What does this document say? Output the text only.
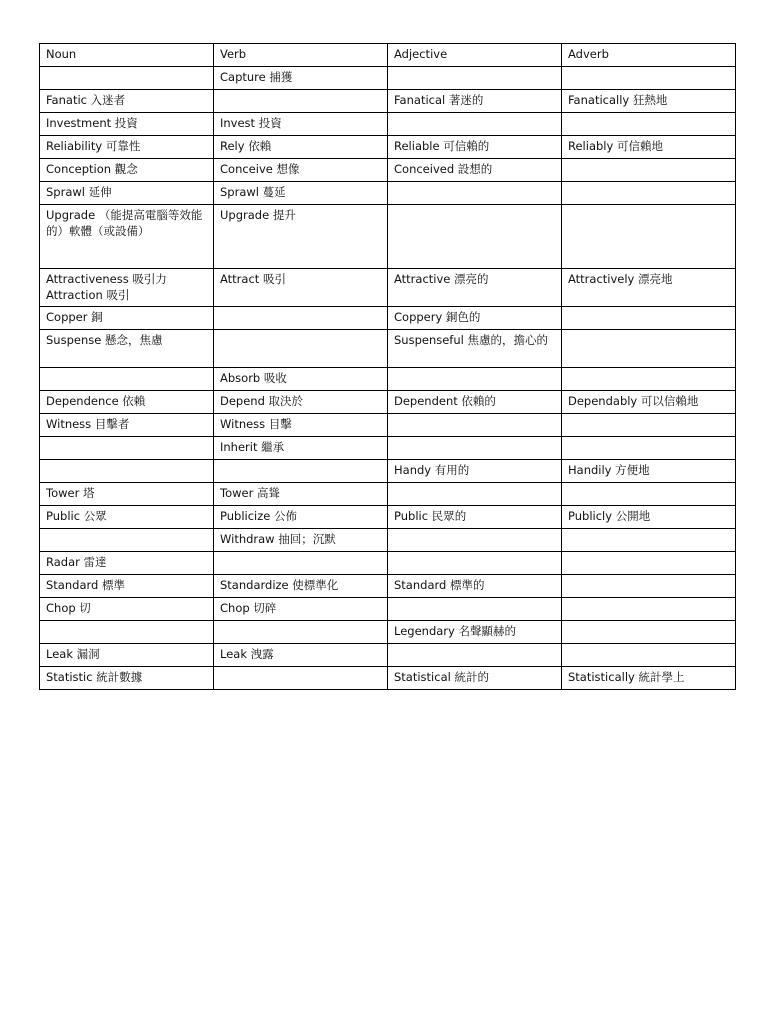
Noun	Verb	Adjective	Adverb

	Capture 捕獲		

Fanatic 入迷者		Fanatical 著迷的	Fanatically 狂熱地

Investment 投資	Invest 投資		

Reliability 可靠性	Rely 依賴	Reliable 可信賴的	Reliably 可信賴地

Conception 觀念	Conceive 想像	Conceived 設想的	

Sprawl 延伸	Sprawl 蔓延		

Upgrade （能提高電腦等效能的）軟體（或設備）	Upgrade 提升		

Attractiveness 吸引力
Attraction 吸引	Attract 吸引	Attractive 漂亮的	Attractively 漂亮地

Copper 銅		Coppery 銅色的	

Suspense 懸念，焦慮		Suspenseful 焦慮的，擔心的	

	Absorb 吸收		

Dependence 依賴	Depend 取決於	Dependent 依賴的	Dependably 可以信賴地

Witness 目擊者	Witness 目擊		

	Inherit 繼承		

		Handy 有用的	Handily 方便地

Tower 塔	Tower 高聳		

Public 公眾	Publicize 公佈	Public 民眾的	Publicly 公開地

	Withdraw 抽回；沉默		

Radar 雷達			

Standard 標準	Standardize 使標準化	Standard 標準的	

Chop 切	Chop 切碎		

		Legendary 名聲顯赫的	

Leak 漏洞	Leak 洩露		

Statistic 統計數據		Statistical 統計的	Statistically 統計學上
